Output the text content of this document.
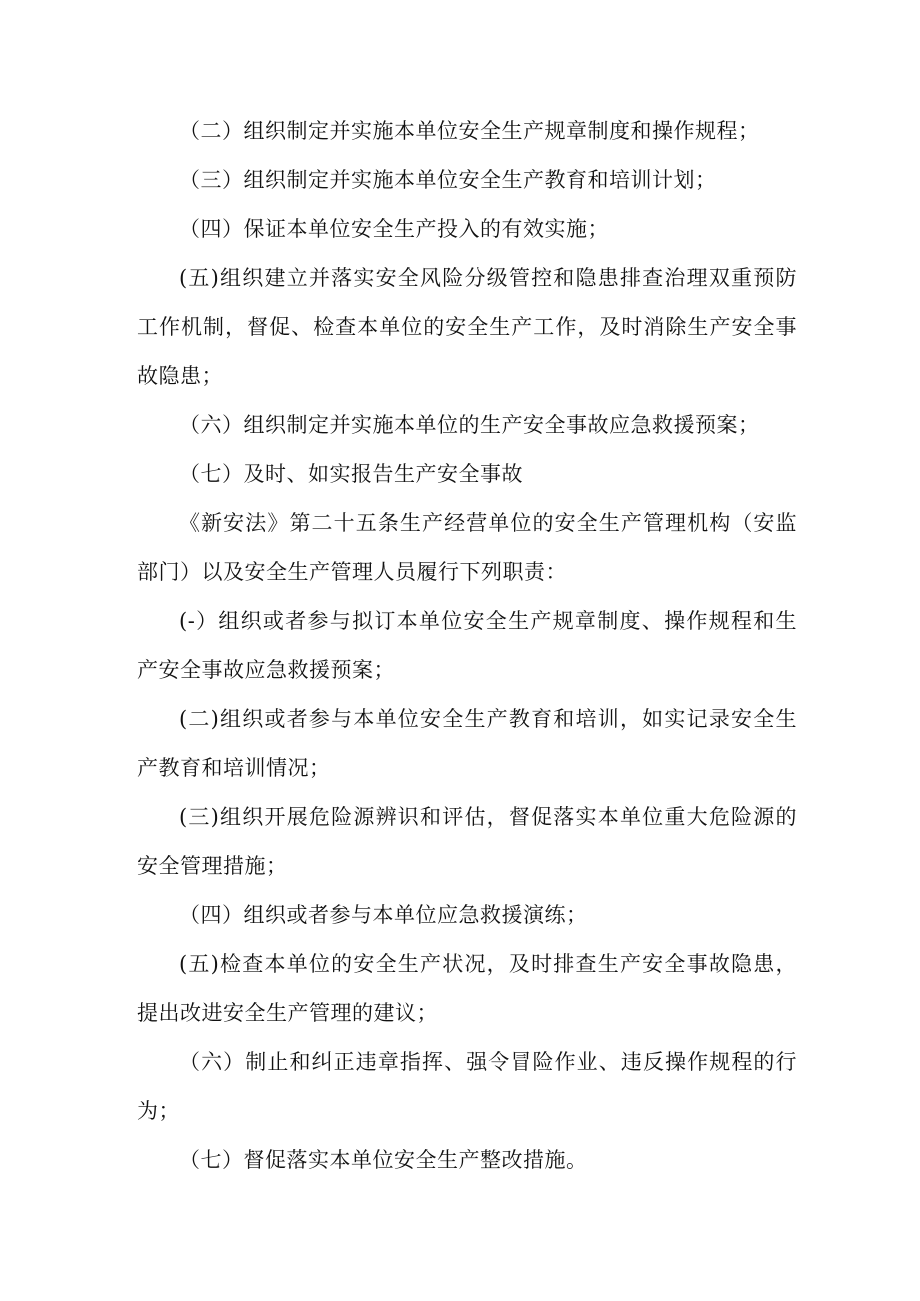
（二）组织制定并实施本单位安全生产规章制度和操作规程；

（三）组织制定并实施本单位安全生产教育和培训计划；

（四）保证本单位安全生产投入的有效实施；

(五)组织建立并落实安全风险分级管控和隐患排查治理双重预防工作机制，督促、检查本单位的安全生产工作，及时消除生产安全事故隐患；

（六）组织制定并实施本单位的生产安全事故应急救援预案；

（七）及时、如实报告生产安全事故

《新安法》第二十五条生产经营单位的安全生产管理机构（安监部门）以及安全生产管理人员履行下列职责：

(-）组织或者参与拟订本单位安全生产规章制度、操作规程和生产安全事故应急救援预案；

(二)组织或者参与本单位安全生产教育和培训，如实记录安全生产教育和培训情况；

(三)组织开展危险源辨识和评估，督促落实本单位重大危险源的安全管理措施；

（四）组织或者参与本单位应急救援演练；

(五)检查本单位的安全生产状况，及时排查生产安全事故隐患，提出改进安全生产管理的建议；

（六）制止和纠正违章指挥、强令冒险作业、违反操作规程的行为；

（七）督促落实本单位安全生产整改措施。
